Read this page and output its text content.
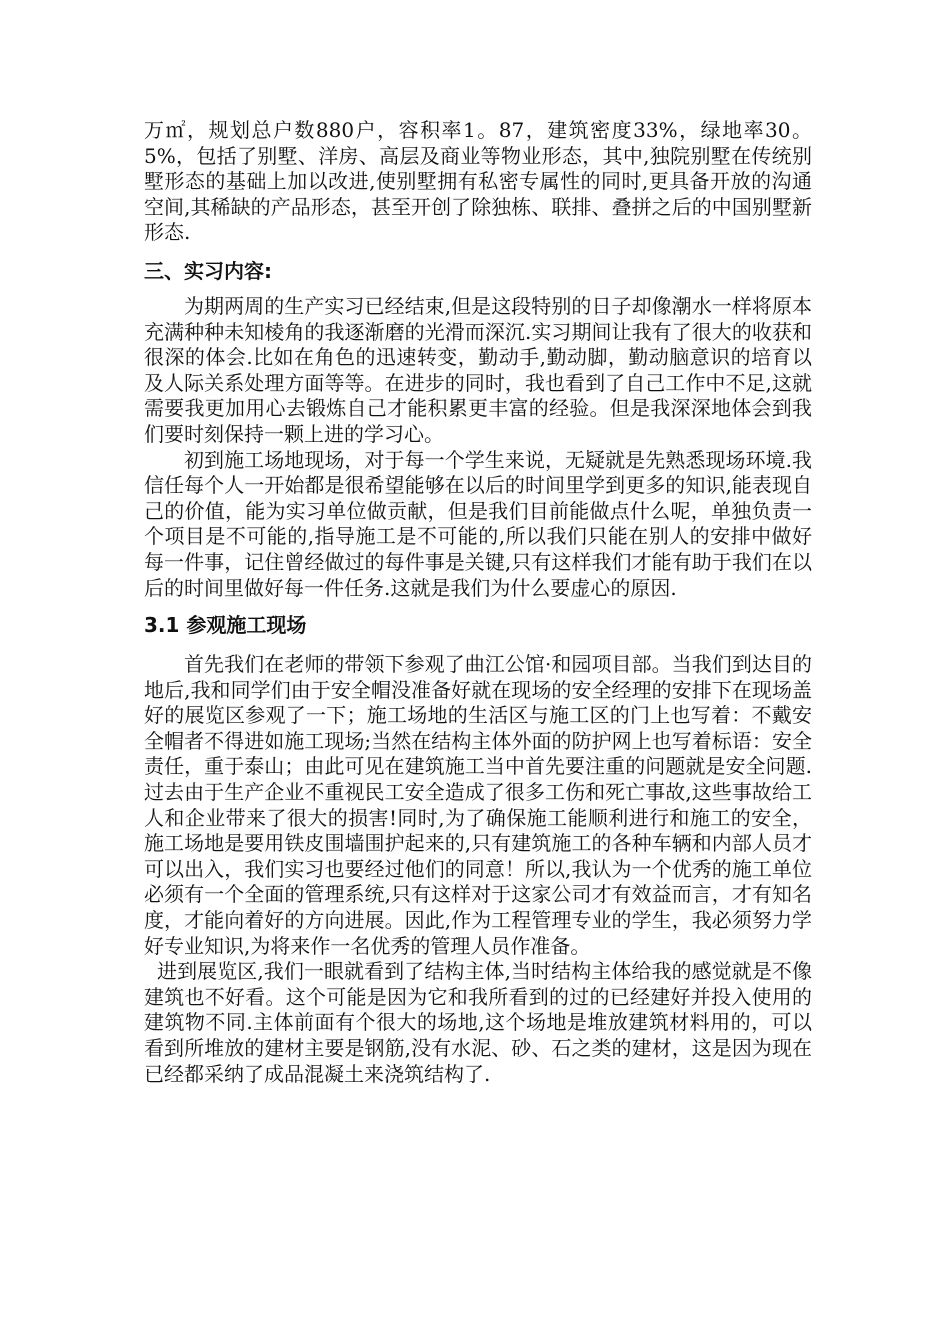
万㎡，规划总户数880户，容积率1。87，建筑密度33%，绿地率30。5%，包括了别墅、洋房、高层及商业等物业形态，其中,独院别墅在传统别墅形态的基础上加以改进,使别墅拥有私密专属性的同时,更具备开放的沟通空间,其稀缺的产品形态，甚至开创了除独栋、联排、叠拼之后的中国别墅新形态.

三、实习内容:

为期两周的生产实习已经结束,但是这段特别的日子却像潮水一样将原本充满种种未知棱角的我逐渐磨的光滑而深沉.实习期间让我有了很大的收获和很深的体会.比如在角色的迅速转变，勤动手,勤动脚，勤动脑意识的培育以及人际关系处理方面等等。在进步的同时，我也看到了自己工作中不足,这就需要我更加用心去锻炼自己才能积累更丰富的经验。但是我深深地体会到我们要时刻保持一颗上进的学习心。

初到施工场地现场，对于每一个学生来说，无疑就是先熟悉现场环境.我信任每个人一开始都是很希望能够在以后的时间里学到更多的知识,能表现自己的价值，能为实习单位做贡献，但是我们目前能做点什么呢，单独负责一个项目是不可能的,指导施工是不可能的,所以我们只能在别人的安排中做好每一件事，记住曾经做过的每件事是关键,只有这样我们才能有助于我们在以后的时间里做好每一件任务.这就是我们为什么要虚心的原因.

3.1 参观施工现场

首先我们在老师的带领下参观了曲江公馆·和园项目部。当我们到达目的地后,我和同学们由于安全帽没准备好就在现场的安全经理的安排下在现场盖好的展览区参观了一下；施工场地的生活区与施工区的门上也写着：不戴安全帽者不得进如施工现场;当然在结构主体外面的防护网上也写着标语：安全责任，重于泰山；由此可见在建筑施工当中首先要注重的问题就是安全问题.过去由于生产企业不重视民工安全造成了很多工伤和死亡事故,这些事故给工人和企业带来了很大的损害!同时,为了确保施工能顺利进行和施工的安全，施工场地是要用铁皮围墙围护起来的,只有建筑施工的各种车辆和内部人员才可以出入，我们实习也要经过他们的同意！所以,我认为一个优秀的施工单位必须有一个全面的管理系统,只有这样对于这家公司才有效益而言，才有知名度，才能向着好的方向进展。因此,作为工程管理专业的学生，我必须努力学好专业知识,为将来作一名优秀的管理人员作准备。

进到展览区,我们一眼就看到了结构主体,当时结构主体给我的感觉就是不像建筑也不好看。这个可能是因为它和我所看到的过的已经建好并投入使用的建筑物不同.主体前面有个很大的场地,这个场地是堆放建筑材料用的，可以看到所堆放的建材主要是钢筋,没有水泥、砂、石之类的建材，这是因为现在已经都采纳了成品混凝土来浇筑结构了.
